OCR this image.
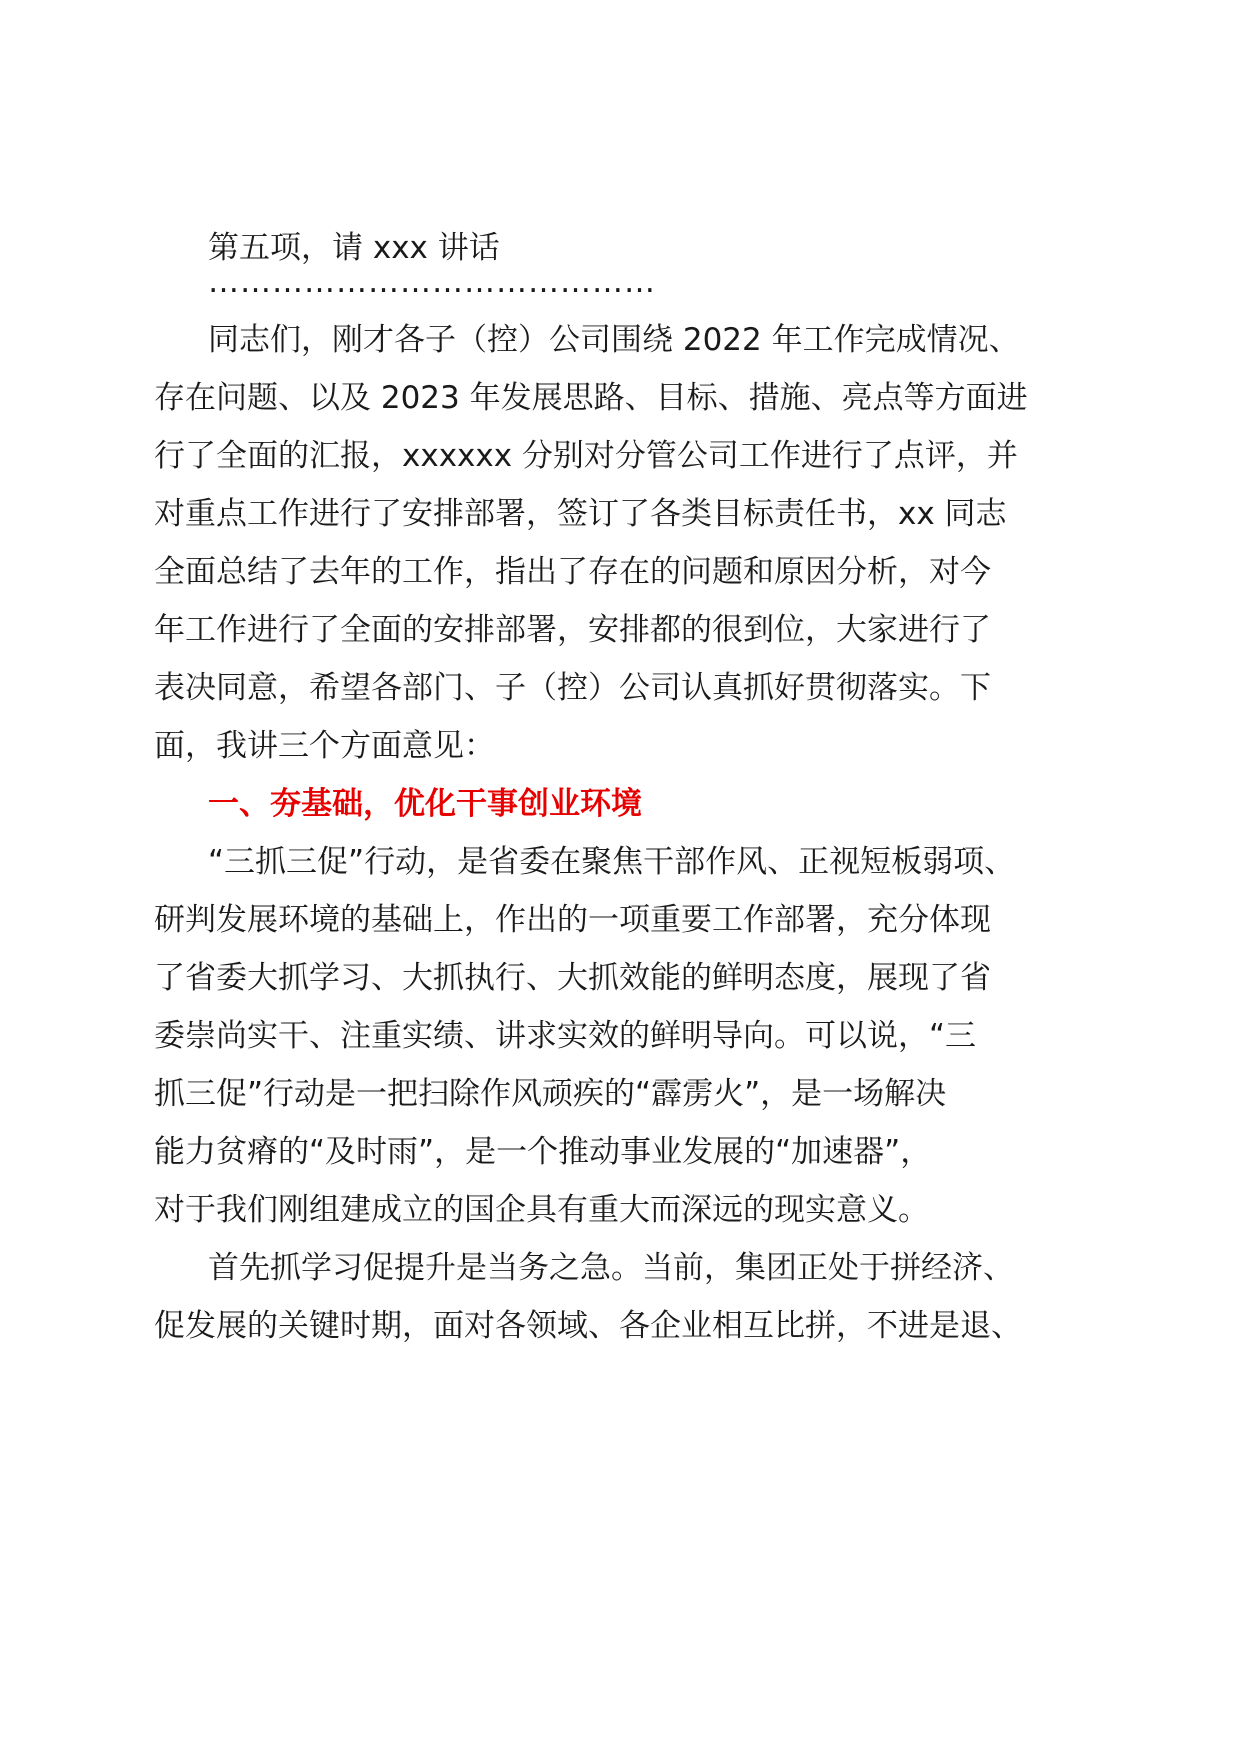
第五项，请 xxx 讲话
……………………………………
同志们，刚才各子（控）公司围绕 2022 年工作完成情况、
存在问题、以及 2023 年发展思路、目标、措施、亮点等方面进
行了全面的汇报，xxxxxx 分别对分管公司工作进行了点评，并
对重点工作进行了安排部署，签订了各类目标责任书，xx 同志
全面总结了去年的工作，指出了存在的问题和原因分析，对今
年工作进行了全面的安排部署，安排都的很到位，大家进行了
表决同意，希望各部门、子（控）公司认真抓好贯彻落实。下
面，我讲三个方面意见：
一、夯基础，优化干事创业环境
“三抓三促”行动，是省委在聚焦干部作风、正视短板弱项、
研判发展环境的基础上，作出的一项重要工作部署，充分体现
了省委大抓学习、大抓执行、大抓效能的鲜明态度，展现了省
委崇尚实干、注重实绩、讲求实效的鲜明导向。可以说，“三
抓三促”行动是一把扫除作风顽疾的“霹雳火”，是一场解决
能力贫瘠的“及时雨”，是一个推动事业发展的“加速器”，
对于我们刚组建成立的国企具有重大而深远的现实意义。
首先抓学习促提升是当务之急。当前，集团正处于拼经济、
促发展的关键时期，面对各领域、各企业相互比拼，不进是退、
